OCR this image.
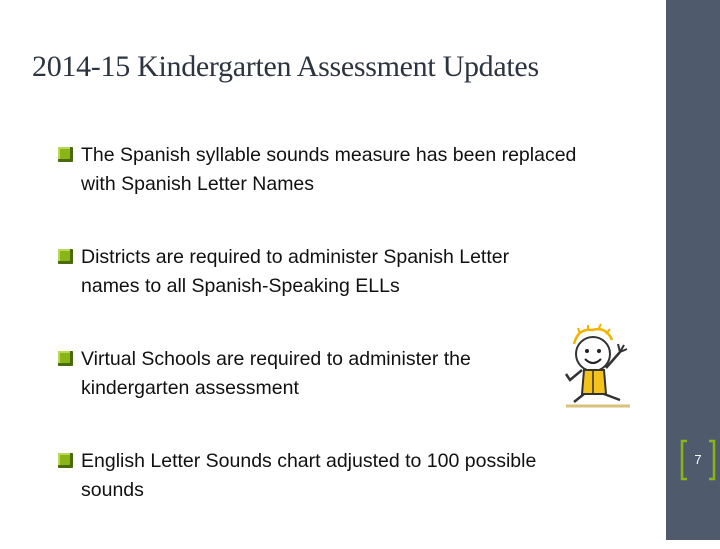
7
2014-15 Kindergarten Assessment Updates
The Spanish syllable sounds measure has been replaced
with Spanish Letter Names
Districts are required to administer Spanish Letter
names to all Spanish-Speaking ELLs
Virtual Schools are required to administer the
kindergarten assessment
English Letter Sounds chart adjusted to 100 possible
sounds
